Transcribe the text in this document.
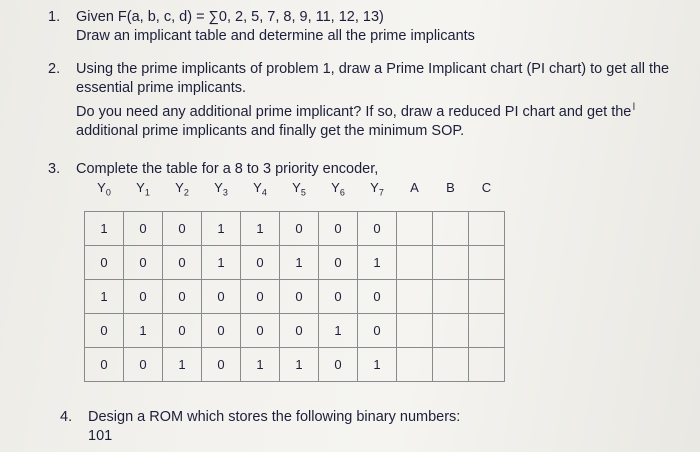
1. Given F(a, b, c, d) = ∑0, 2, 5, 7, 8, 9, 11, 12, 13)
Draw an implicant table and determine all the prime implicants
2. Using the prime implicants of problem 1, draw a Prime Implicant chart (PI chart) to get all the
essential prime implicants.
Do you need any additional prime implicant? If so, draw a reduced PI chart and get the$^I$
additional prime implicants and finally get the minimum SOP.
3. Complete the table for a 8 to 3 priority encoder,
$Y_0$	$Y_1$	$Y_2$	$Y_3$	$Y_4$	$Y_5$	$Y_6$	$Y_7$	A	B	C
1	0	0	1	1	0	0	0			
0	0	0	1	0	1	0	1			
1	0	0	0	0	0	0	0			
0	1	0	0	0	0	1	0			
0	0	1	0	1	1	0	1			
4. Design a ROM which stores the following binary numbers:
101
